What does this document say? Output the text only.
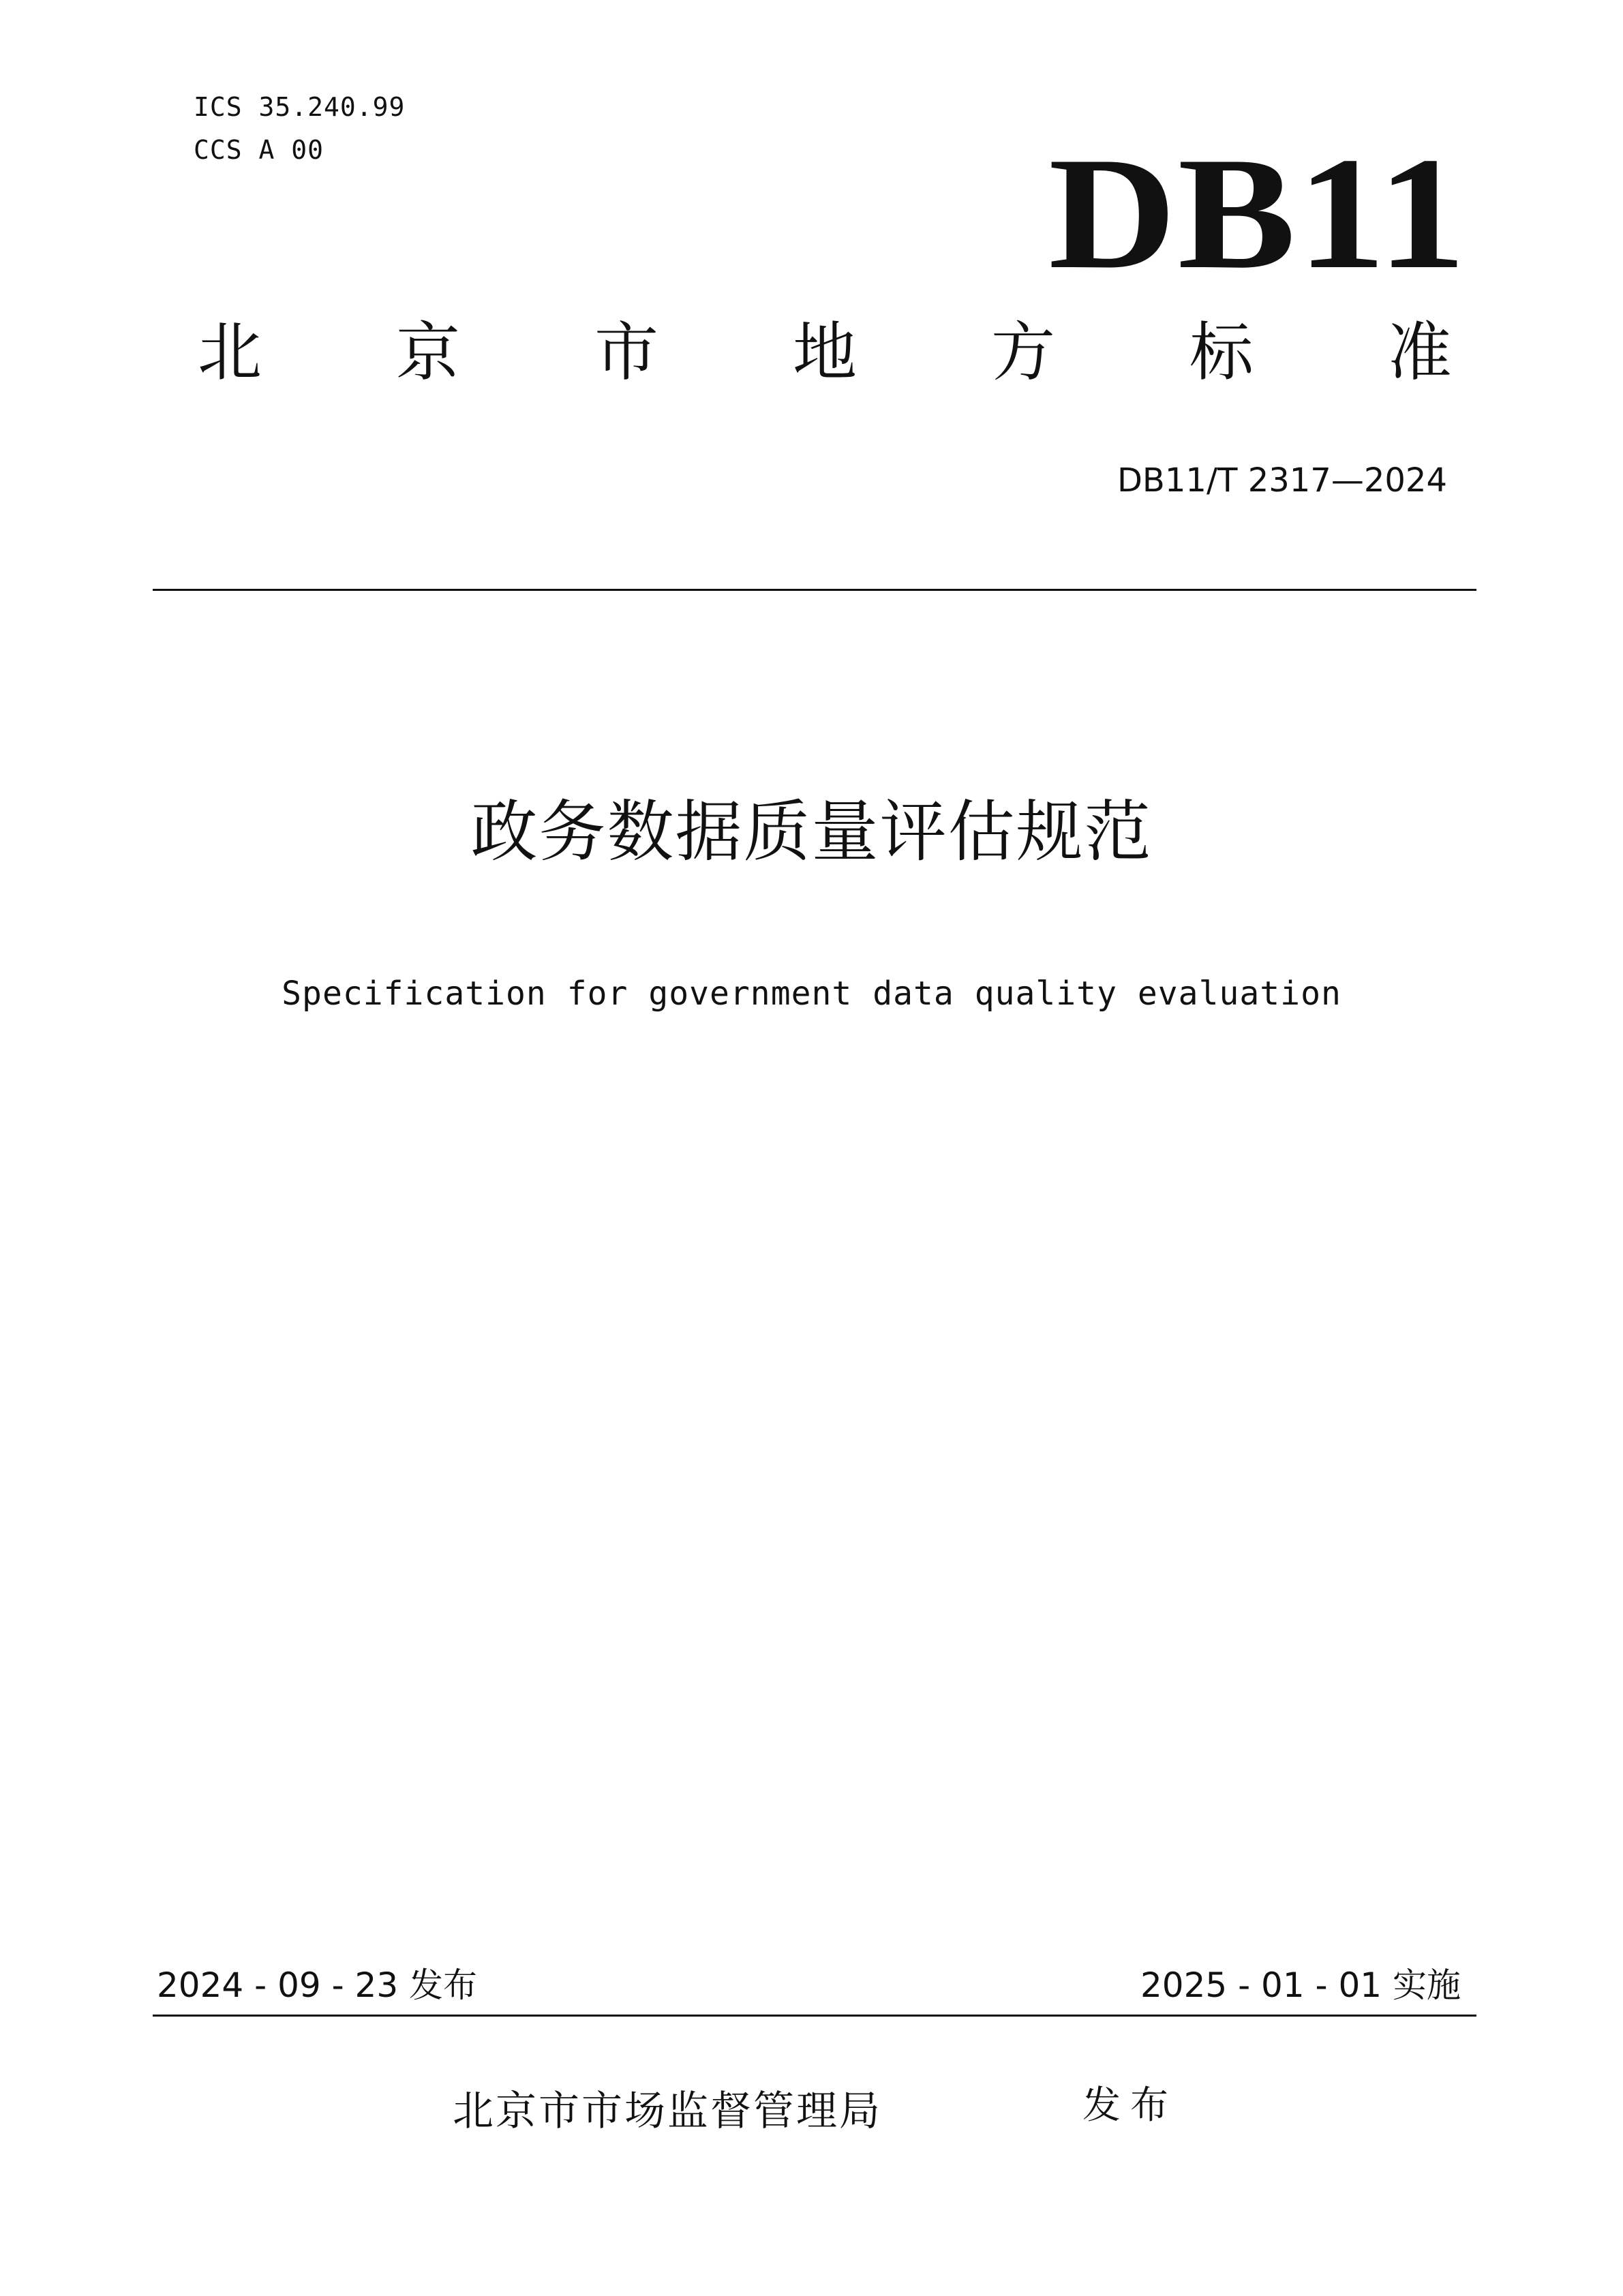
ICS 35.240.99
CCS A 00	DB11
北 京 市 地 方 标 准
DB11/T 2317—2024
政务数据质量评估规范
Specification for government data quality evaluation
2024 - 09 - 23 发布	2025 - 01 - 01 实施
北京市市场监督管理局	发布
